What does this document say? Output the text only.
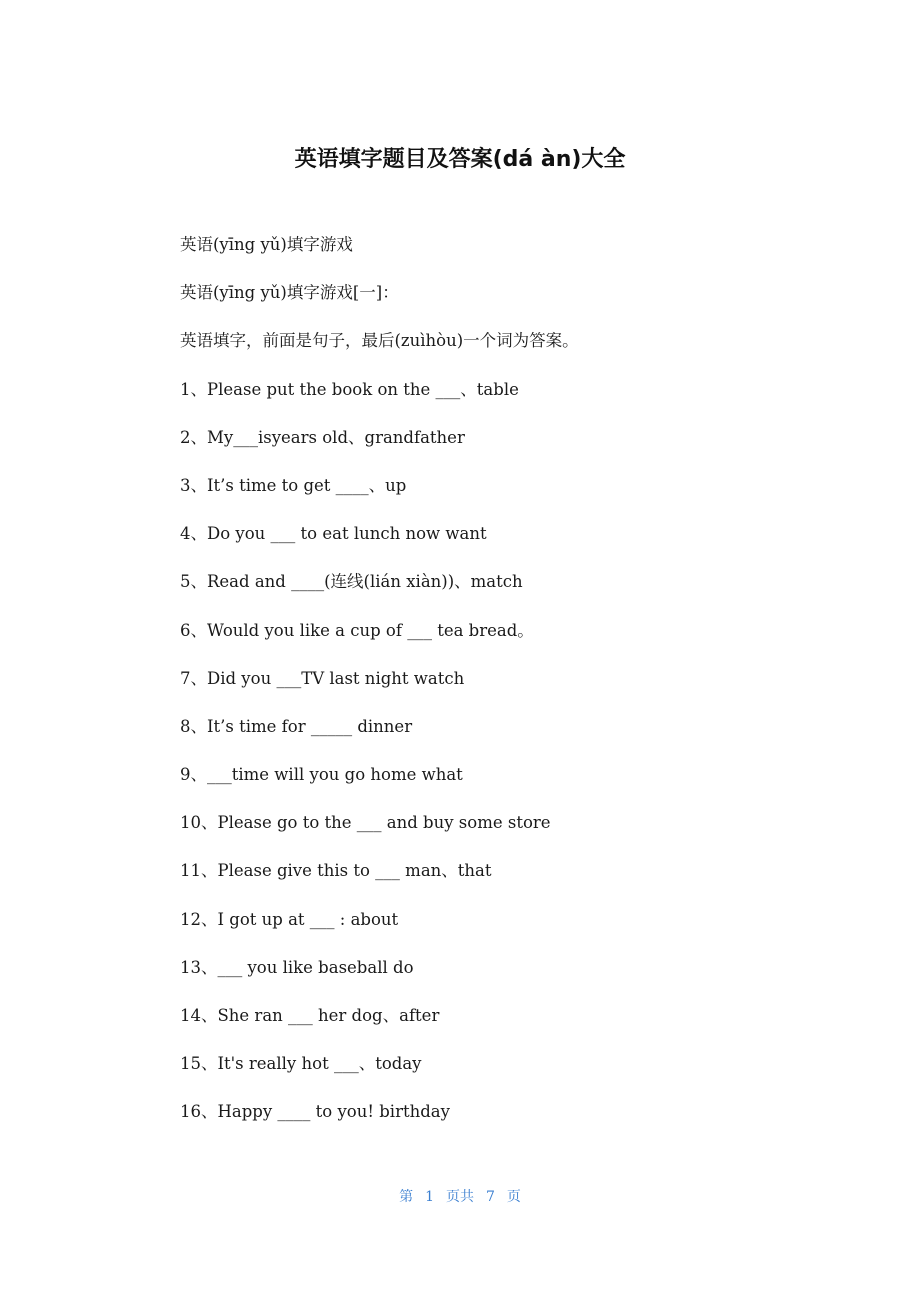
英语填字题目及答案(dá àn)大全

英语(yīng yǔ)填字游戏

英语(yīng yǔ)填字游戏[一]：

英语填字，前面是句子，最后(zuìhòu)一个词为答案。

1、Please put the book on the ___、table

2、My___isyears old、grandfather

3、It’s time to get ____、up

4、Do you ___ to eat lunch now want

5、Read and ____(连线(lián xiàn))、match

6、Would you like a cup of ___ tea bread。

7、Did you ___TV last night watch

8、It’s time for _____ dinner

9、___time will you go home what

10、Please go to the ___ and buy some store

11、Please give this to ___ man、that

12、I got up at ___ : about

13、___ you like baseball do

14、She ran ___ her dog、after

15、It's really hot ___、today

16、Happy ____ to you! birthday

第 1 页共 7 页
